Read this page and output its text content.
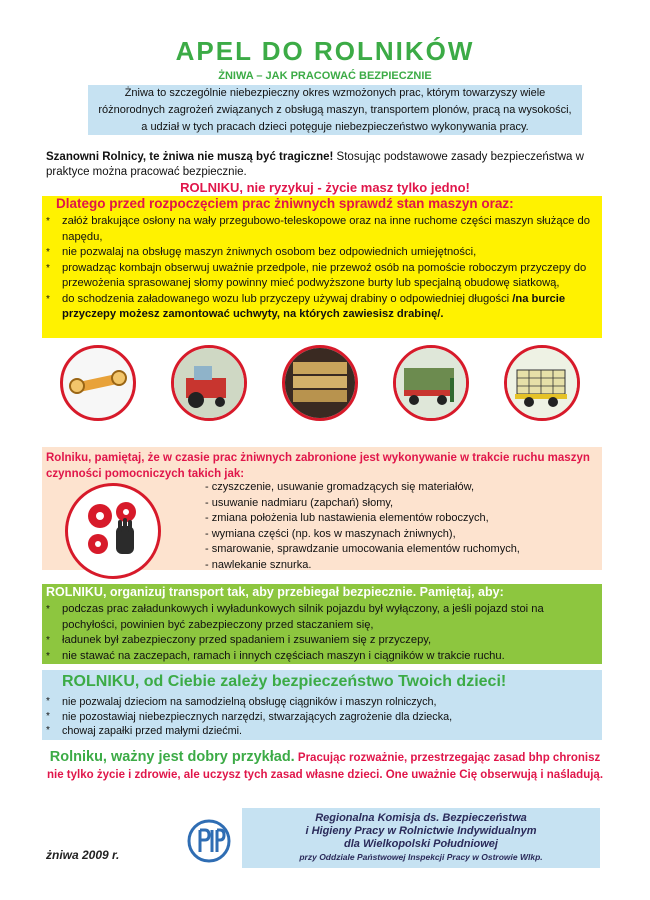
APEL DO ROLNIKÓW
ŻNIWA – JAK PRACOWAĆ BEZPIECZNIE
Żniwa to szczególnie niebezpieczny okres wzmożonych prac, którym towarzyszy wiele różnorodnych zagrożeń związanych z obsługą maszyn, transportem plonów, pracą na wysokości, a udział w tych pracach dzieci potęguje niebezpieczeństwo wykonywania pracy.
Szanowni Rolnicy, te żniwa nie muszą być tragiczne! Stosując podstawowe zasady bezpieczeństwa w praktyce można pracować bezpiecznie.
ROLNIKU, nie ryzykuj - życie masz tylko jedno!
Dlatego przed rozpoczęciem prac żniwnych sprawdź stan maszyn oraz:
* załóż brakujące osłony na wały przegubowo-teleskopowe oraz na inne ruchome części maszyn służące do napędu,
* nie pozwalaj na obsługę maszyn żniwnych osobom bez odpowiednich umiejętności,
* prowadząc kombajn obserwuj uważnie przedpole, nie przewoź osób na pomoście roboczym przyczepy do przewożenia sprasowanej słomy powinny mieć podwyższone burty lub specjalną obudowę siatkową,
* do schodzenia załadowanego wozu lub przyczepy używaj drabiny o odpowiedniej długości /na burcie przyczepy możesz zamontować uchwyty, na których zawiesisz drabinę/.
Rolniku, pamiętaj, że w czasie prac żniwnych zabronione jest wykonywanie w trakcie ruchu maszyn czynności pomocniczych takich jak:
- czyszczenie, usuwanie gromadzących się materiałów,
- usuwanie nadmiaru (zapchań) słomy,
- zmiana położenia lub nastawienia elementów roboczych,
- wymiana części (np. kos w maszynach żniwnych),
- smarowanie, sprawdzanie umocowania elementów ruchomych,
- nawlekanie sznurka.
ROLNIKU, organizuj transport tak, aby przebiegał bezpiecznie. Pamiętaj, aby:
* podczas prac załadunkowych i wyładunkowych silnik pojazdu był wyłączony, a jeśli pojazd stoi na pochyłości, powinien być zabezpieczony przed staczaniem się,
* ładunek był zabezpieczony przed spadaniem i zsuwaniem się z przyczepy,
* nie stawać na zaczepach, ramach i innych częściach maszyn i ciągników w trakcie ruchu.
ROLNIKU, od Ciebie zależy bezpieczeństwo Twoich dzieci!
* nie pozwalaj dzieciom na samodzielną obsługę ciągników i maszyn rolniczych,
* nie pozostawiaj niebezpiecznych narzędzi, stwarzających zagrożenie dla dziecka,
* chowaj zapałki przed małymi dziećmi.
Rolniku, ważny jest dobry przykład. Pracując rozważnie, przestrzegając zasad bhp chronisz nie tylko życie i zdrowie, ale uczysz tych zasad własne dzieci. One uważnie Cię obserwują i naśladują.
Regionalna Komisja ds. Bezpieczeństwa
i Higieny Pracy w Rolnictwie Indywidualnym
dla Wielkopolski Południowej
przy Oddziale Państwowej Inspekcji Pracy w Ostrowie Wlkp.
żniwa 2009 r.
